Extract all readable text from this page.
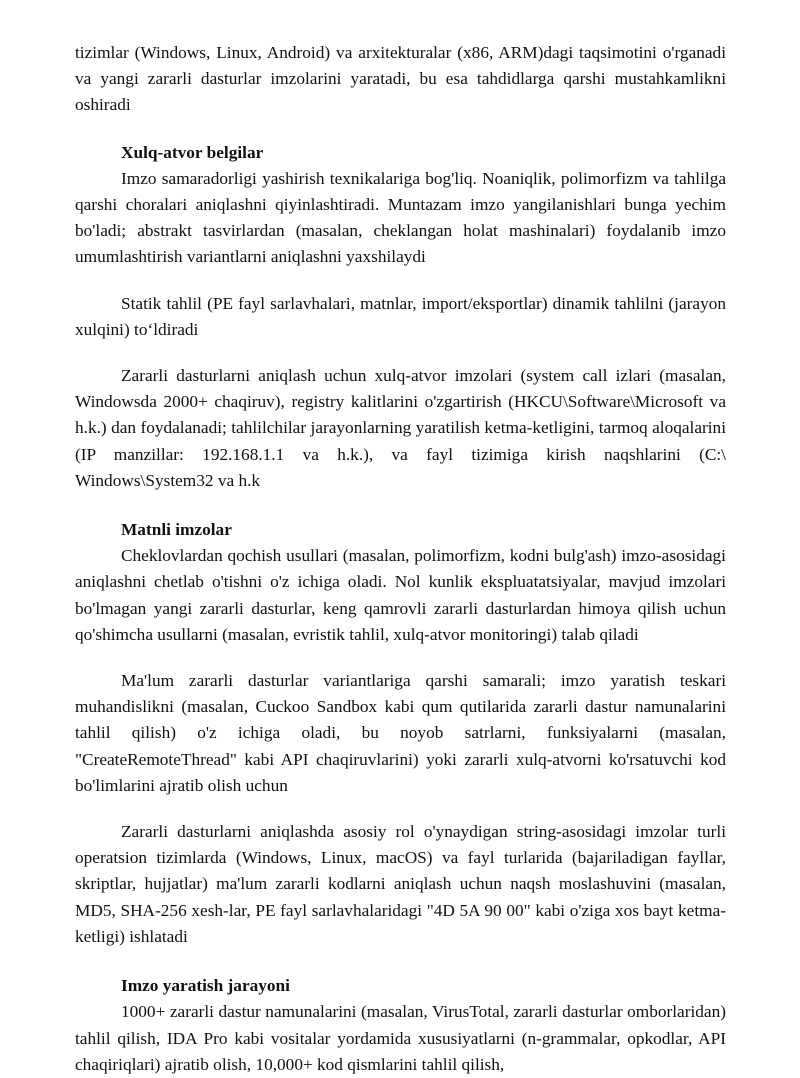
tizimlar (Windows, Linux, Android) va arxitekturalar (x86, ARM)dagi taqsimotini o'rganadi va yangi zararli dasturlar imzolarini yaratadi, bu esa tahdidlarga qarshi mustahkamlikni oshiradi

Xulq-atvor belgilar

Imzo samaradorligi yashirish texnikalariga bog'liq. Noaniqlik, polimorfizm va tahlilga qarshi choralari aniqlashni qiyinlashtiradi. Muntazam imzo yangilanishlari bunga yechim bo'ladi; abstrakt tasvirlardan (masalan, cheklangan holat mashinalari) foydalanib imzo umumlashtirish variantlarni aniqlashni yaxshilaydi

Statik tahlil (PE fayl sarlavhalari, matnlar, import/eksportlar) dinamik tahlilni (jarayon xulqini) to‘ldiradi

Zararli dasturlarni aniqlash uchun xulq-atvor imzolari (system call izlari (masalan, Windowsda 2000+ chaqiruv), registry kalitlarini o'zgartirish (HKCU\Software\Microsoft va h.k.) dan foydalanadi; tahlilchilar jarayonlarning yaratilish ketma-ketligini, tarmoq aloqalarini (IP manzillar: 192.168.1.1 va h.k.), va fayl tizimiga kirish naqshlarini (C:\ Windows\System32 va h.k

Matnli imzolar

Cheklovlardan qochish usullari (masalan, polimorfizm, kodni bulg'ash) imzo-asosidagi aniqlashni chetlab o'tishni o'z ichiga oladi. Nol kunlik ekspluatatsiyalar, mavjud imzolari bo'lmagan yangi zararli dasturlar, keng qamrovli zararli dasturlardan himoya qilish uchun qo'shimcha usullarni (masalan, evristik tahlil, xulq-atvor monitoringi) talab qiladi

Ma'lum zararli dasturlar variantlariga qarshi samarali; imzo yaratish teskari muhandislikni (masalan, Cuckoo Sandbox kabi qum qutilarida zararli dastur namunalarini tahlil qilish) o'z ichiga oladi, bu noyob satrlarni, funksiyalarni (masalan, "CreateRemoteThread" kabi API chaqiruvlarini) yoki zararli xulq-atvorni ko'rsatuvchi kod bo'limlarini ajratib olish uchun

Zararli dasturlarni aniqlashda asosiy rol o'ynaydigan string-asosidagi imzolar turli operatsion tizimlarda (Windows, Linux, macOS) va fayl turlarida (bajariladigan fayllar, skriptlar, hujjatlar) ma'lum zararli kodlarni aniqlash uchun naqsh moslashuvini (masalan, MD5, SHA-256 xesh-lar, PE fayl sarlavhalaridagi "4D 5A 90 00" kabi o'ziga xos bayt ketma-ketligi) ishlatadi

Imzo yaratish jarayoni

1000+ zararli dastur namunalarini (masalan, VirusTotal, zararli dasturlar omborlaridan) tahlil qilish, IDA Pro kabi vositalar yordamida xususiyatlarni (n-grammalar, opkodlar, API chaqiriqlari) ajratib olish, 10,000+ kod qismlarini tahlil qilish,
